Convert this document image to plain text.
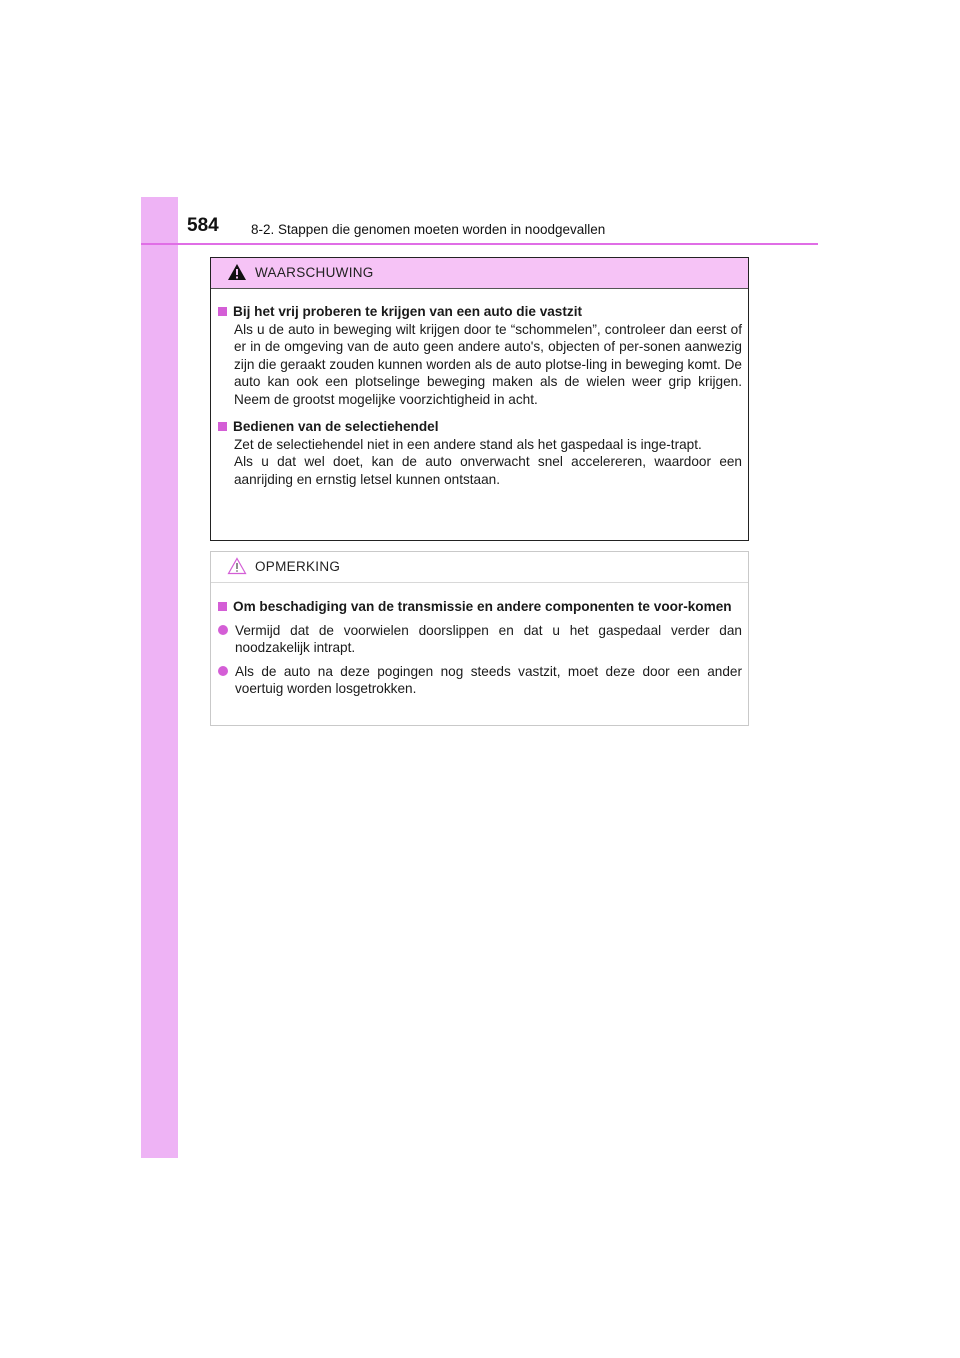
584 8-2. Stappen die genomen moeten worden in noodgevallen
WAARSCHUWING
Bij het vrij proberen te krijgen van een auto die vastzit
Als u de auto in beweging wilt krijgen door te “schommelen”, controleer dan eerst of er in de omgeving van de auto geen andere auto's, objecten of per-sonen aanwezig zijn die geraakt zouden kunnen worden als de auto plotse-ling in beweging komt. De auto kan ook een plotselinge beweging maken als de wielen weer grip krijgen. Neem de grootst mogelijke voorzichtigheid in acht.
Bedienen van de selectiehendel
Zet de selectiehendel niet in een andere stand als het gaspedaal is inge-trapt.
Als u dat wel doet, kan de auto onverwacht snel accelereren, waardoor een aanrijding en ernstig letsel kunnen ontstaan.
OPMERKING
Om beschadiging van de transmissie en andere componenten te voor-komen
Vermijd dat de voorwielen doorslippen en dat u het gaspedaal verder dan noodzakelijk intrapt.
Als de auto na deze pogingen nog steeds vastzit, moet deze door een ander voertuig worden losgetrokken.
